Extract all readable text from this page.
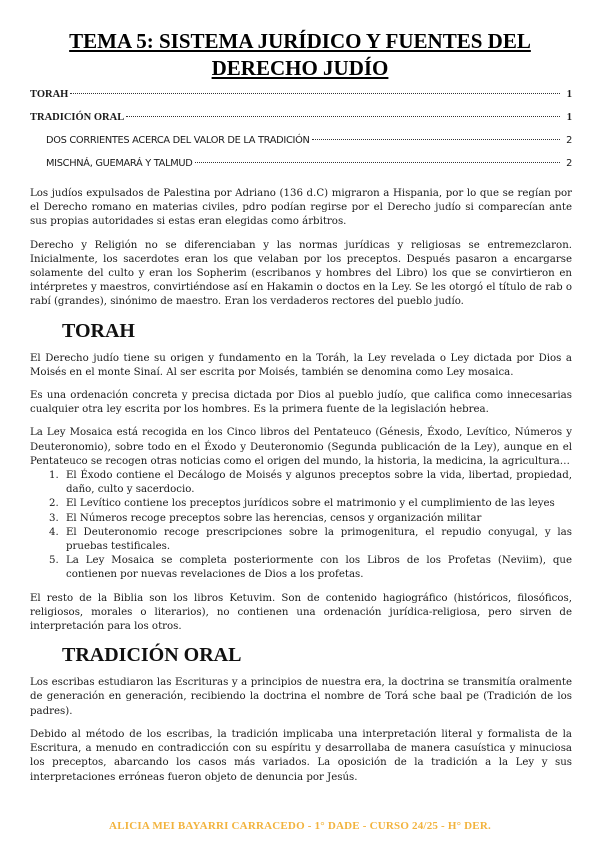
TEMA 5: SISTEMA JURÍDICO Y FUENTES DEL DERECHO JUDÍO
TORAH	1
TRADICIÓN ORAL	1
DOS CORRIENTES ACERCA DEL VALOR DE LA TRADICIÓN	2
MISCHNÁ, GUEMARÁ Y TALMUD	2

Los judíos expulsados de Palestina por Adriano (136 d.C) migraron a Hispania, por lo que se regían por el Derecho romano en materias civiles, pdro podían regirse por el Derecho judío si comparecían ante sus propias autoridades si estas eran elegidas como árbitros.

Derecho y Religión no se diferenciaban y las normas jurídicas y religiosas se entremezclaron. Inicialmente, los sacerdotes eran los que velaban por los preceptos. Después pasaron a encargarse solamente del culto y eran los Sopherim (escribanos y hombres del Libro) los que se convirtieron en intérpretes y maestros, convirtiéndose así en Hakamin o doctos en la Ley. Se les otorgó el título de rab o rabí (grandes), sinónimo de maestro. Eran los verdaderos rectores del pueblo judío.

TORAH

El Derecho judío tiene su origen y fundamento en la Toráh, la Ley revelada o Ley dictada por Dios a Moisés en el monte Sinaí. Al ser escrita por Moisés, también se denomina como Ley mosaica.

Es una ordenación concreta y precisa dictada por Dios al pueblo judío, que califica como innecesarias cualquier otra ley escrita por los hombres. Es la primera fuente de la legislación hebrea.

La Ley Mosaica está recogida en los Cinco libros del Pentateuco (Génesis, Éxodo, Levítico, Números y Deuteronomio), sobre todo en el Éxodo y Deuteronomio (Segunda publicación de la Ley), aunque en el Pentateuco se recogen otras noticias como el origen del mundo, la historia, la medicina, la agricultura…

1. El Éxodo contiene el Decálogo de Moisés y algunos preceptos sobre la vida, libertad, propiedad, daño, culto y sacerdocio.
2. El Levítico contiene los preceptos jurídicos sobre el matrimonio y el cumplimiento de las leyes
3. El Números recoge preceptos sobre las herencias, censos y organización militar
4. El Deuteronomio recoge prescripciones sobre la primogenitura, el repudio conyugal, y las pruebas testificales.
5. La Ley Mosaica se completa posteriormente con los Libros de los Profetas (Neviim), que contienen por nuevas revelaciones de Dios a los profetas.

El resto de la Biblia son los libros Ketuvim. Son de contenido hagiográfico (históricos, filosóficos, religiosos, morales o literarios), no contienen una ordenación jurídica-religiosa, pero sirven de interpretación para los otros.

TRADICIÓN ORAL

Los escribas estudiaron las Escrituras y a principios de nuestra era, la doctrina se transmitía oralmente de generación en generación, recibiendo la doctrina el nombre de Torá sche baal pe (Tradición de los padres).

Debido al método de los escribas, la tradición implicaba una interpretación literal y formalista de la Escritura, a menudo en contradicción con su espíritu y desarrollaba de manera casuística y minuciosa los preceptos, abarcando los casos más variados. La oposición de la tradición a la Ley y sus interpretaciones erróneas fueron objeto de denuncia por Jesús.

ALICIA MEI BAYARRI CARRACEDO - 1° DADE - CURSO 24/25 - H° DER.
